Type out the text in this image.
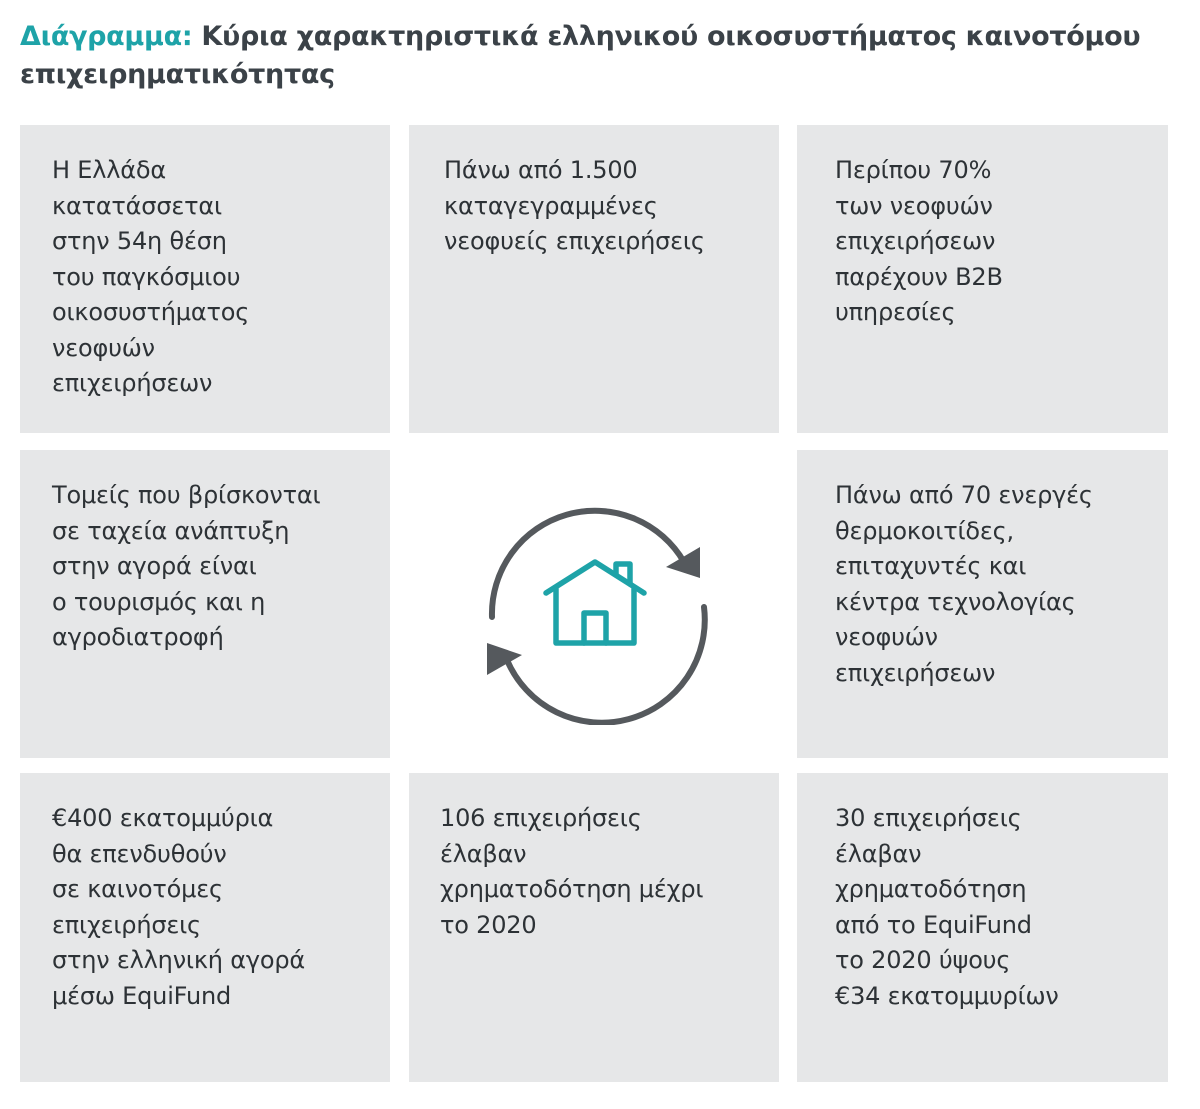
Διάγραμμα: Κύρια χαρακτηριστικά ελληνικού οικοσυστήματος καινοτόμου επιχειρηματικότητας
Η Ελλάδα
κατατάσσεται
στην 54η θέση
του παγκόσμιου
οικοσυστήματος
νεοφυών
επιχειρήσεων
Πάνω από 1.500
καταγεγραμμένες
νεοφυείς επιχειρήσεις
Περίπου 70%
των νεοφυών
επιχειρήσεων
παρέχουν B2B
υπηρεσίες
Τομείς που βρίσκονται
σε ταχεία ανάπτυξη
στην αγορά είναι
ο τουρισμός και η
αγροδιατροφή
Πάνω από 70 ενεργές
θερμοκοιτίδες,
επιταχυντές και
κέντρα τεχνολογίας
νεοφυών
επιχειρήσεων
€400 εκατομμύρια
θα επενδυθούν
σε καινοτόμες
επιχειρήσεις
στην ελληνική αγορά
μέσω EquiFund
106 επιχειρήσεις
έλαβαν
χρηματοδότηση μέχρι
το 2020
30 επιχειρήσεις
έλαβαν
χρηματοδότηση
από το EquiFund
το 2020 ύψους
€34 εκατομμυρίων
